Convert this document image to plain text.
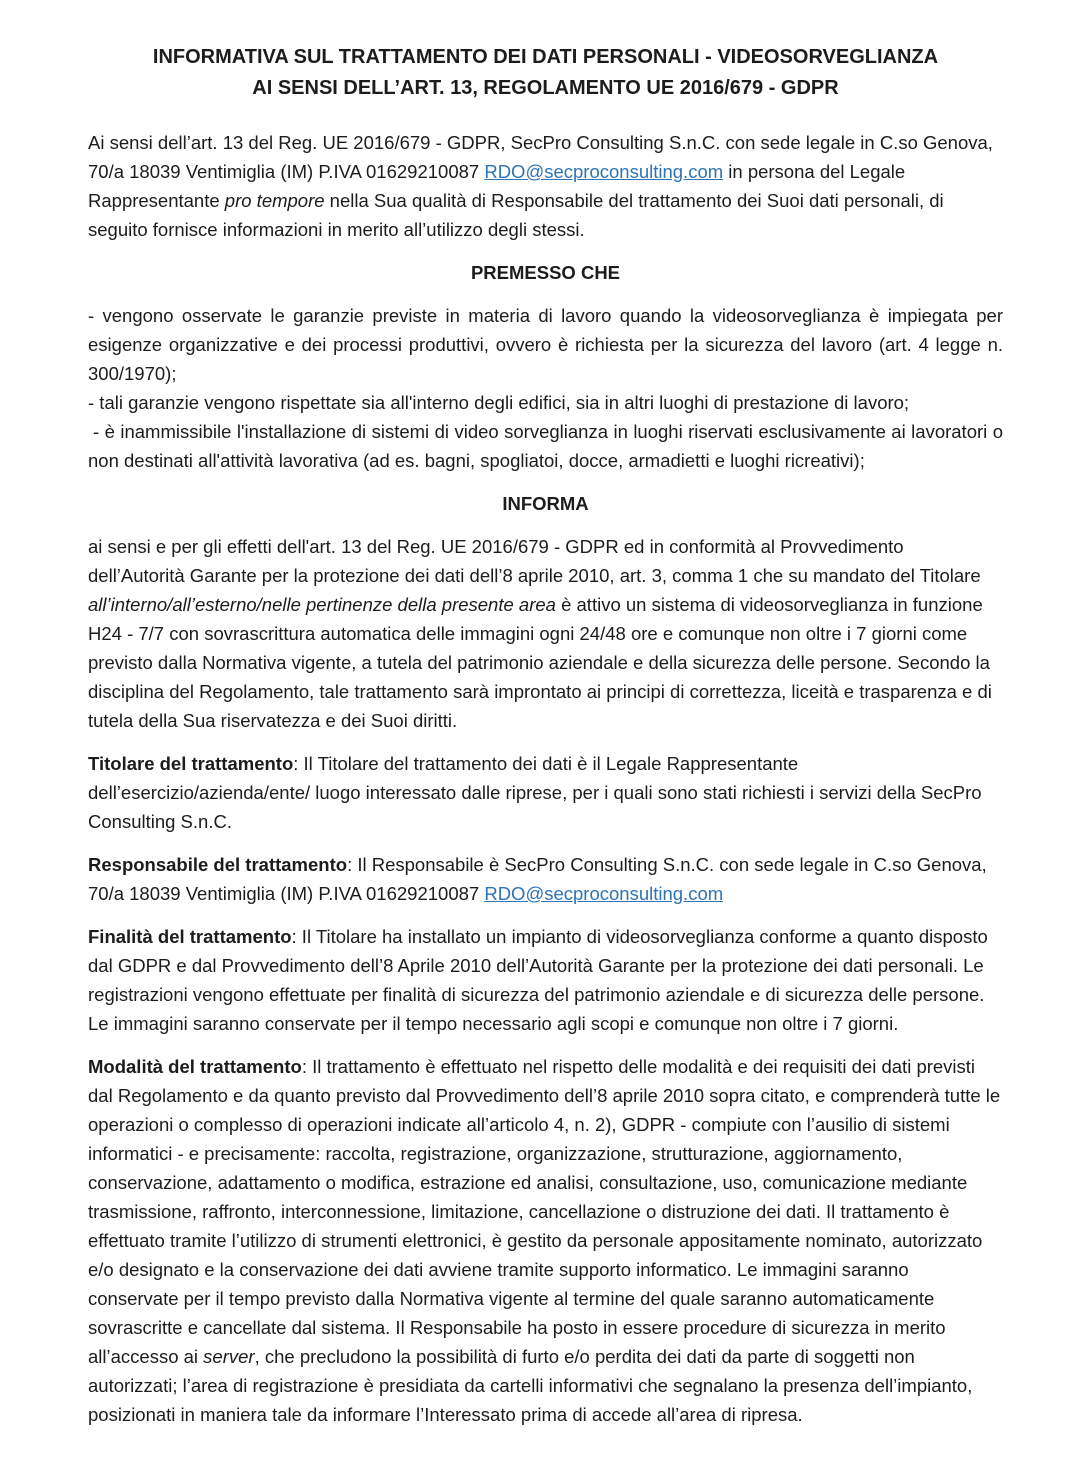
INFORMATIVA SUL TRATTAMENTO DEI DATI PERSONALI - VIDEOSORVEGLIANZA
AI SENSI DELL’ART. 13, REGOLAMENTO UE 2016/679 - GDPR

Ai sensi dell’art. 13 del Reg. UE 2016/679 - GDPR, SecPro Consulting S.n.C. con sede legale in C.so Genova, 70/a 18039 Ventimiglia (IM) P.IVA 01629210087 RDO@secproconsulting.com in persona del Legale Rappresentante pro tempore nella Sua qualità di Responsabile del trattamento dei Suoi dati personali, di seguito fornisce informazioni in merito all’utilizzo degli stessi.

PREMESSO CHE

- vengono osservate le garanzie previste in materia di lavoro quando la videosorveglianza è impiegata per esigenze organizzative e dei processi produttivi, ovvero è richiesta per la sicurezza del lavoro (art. 4 legge n. 300/1970);

- tali garanzie vengono rispettate sia all'interno degli edifici, sia in altri luoghi di prestazione di lavoro;

- è inammissibile l'installazione di sistemi di video sorveglianza in luoghi riservati esclusivamente ai lavoratori o non destinati all'attività lavorativa (ad es. bagni, spogliatoi, docce, armadietti e luoghi ricreativi);

INFORMA

ai sensi e per gli effetti dell'art. 13 del Reg. UE 2016/679 - GDPR ed in conformità al Provvedimento dell’Autorità Garante per la protezione dei dati dell’8 aprile 2010, art. 3, comma 1 che su mandato del Titolare all’interno/all’esterno/nelle pertinenze della presente area è attivo un sistema di videosorveglianza in funzione H24 - 7/7 con sovrascrittura automatica delle immagini ogni 24/48 ore e comunque non oltre i 7 giorni come previsto dalla Normativa vigente, a tutela del patrimonio aziendale e della sicurezza delle persone. Secondo la disciplina del Regolamento, tale trattamento sarà improntato ai principi di correttezza, liceità e trasparenza e di tutela della Sua riservatezza e dei Suoi diritti.

Titolare del trattamento: Il Titolare del trattamento dei dati è il Legale Rappresentante dell’esercizio/azienda/ente/ luogo interessato dalle riprese, per i quali sono stati richiesti i servizi della SecPro Consulting S.n.C.

Responsabile del trattamento: Il Responsabile è SecPro Consulting S.n.C. con sede legale in C.so Genova, 70/a 18039 Ventimiglia (IM) P.IVA 01629210087 RDO@secproconsulting.com

Finalità del trattamento: Il Titolare ha installato un impianto di videosorveglianza conforme a quanto disposto dal GDPR e dal Provvedimento dell’8 Aprile 2010 dell’Autorità Garante per la protezione dei dati personali. Le registrazioni vengono effettuate per finalità di sicurezza del patrimonio aziendale e di sicurezza delle persone. Le immagini saranno conservate per il tempo necessario agli scopi e comunque non oltre i 7 giorni.

Modalità del trattamento: Il trattamento è effettuato nel rispetto delle modalità e dei requisiti dei dati previsti dal Regolamento e da quanto previsto dal Provvedimento dell’8 aprile 2010 sopra citato, e comprenderà tutte le operazioni o complesso di operazioni indicate all’articolo 4, n. 2), GDPR - compiute con l’ausilio di sistemi informatici - e precisamente: raccolta, registrazione, organizzazione, strutturazione, aggiornamento, conservazione, adattamento o modifica, estrazione ed analisi, consultazione, uso, comunicazione mediante trasmissione, raffronto, interconnessione, limitazione, cancellazione o distruzione dei dati. Il trattamento è effettuato tramite l’utilizzo di strumenti elettronici, è gestito da personale appositamente nominato, autorizzato e/o designato e la conservazione dei dati avviene tramite supporto informatico. Le immagini saranno conservate per il tempo previsto dalla Normativa vigente al termine del quale saranno automaticamente sovrascritte e cancellate dal sistema. Il Responsabile ha posto in essere procedure di sicurezza in merito all’accesso ai server, che precludono la possibilità di furto e/o perdita dei dati da parte di soggetti non autorizzati; l’area di registrazione è presidiata da cartelli informativi che segnalano la presenza dell’impianto, posizionati in maniera tale da informare l’Interessato prima di accede all’area di ripresa.
